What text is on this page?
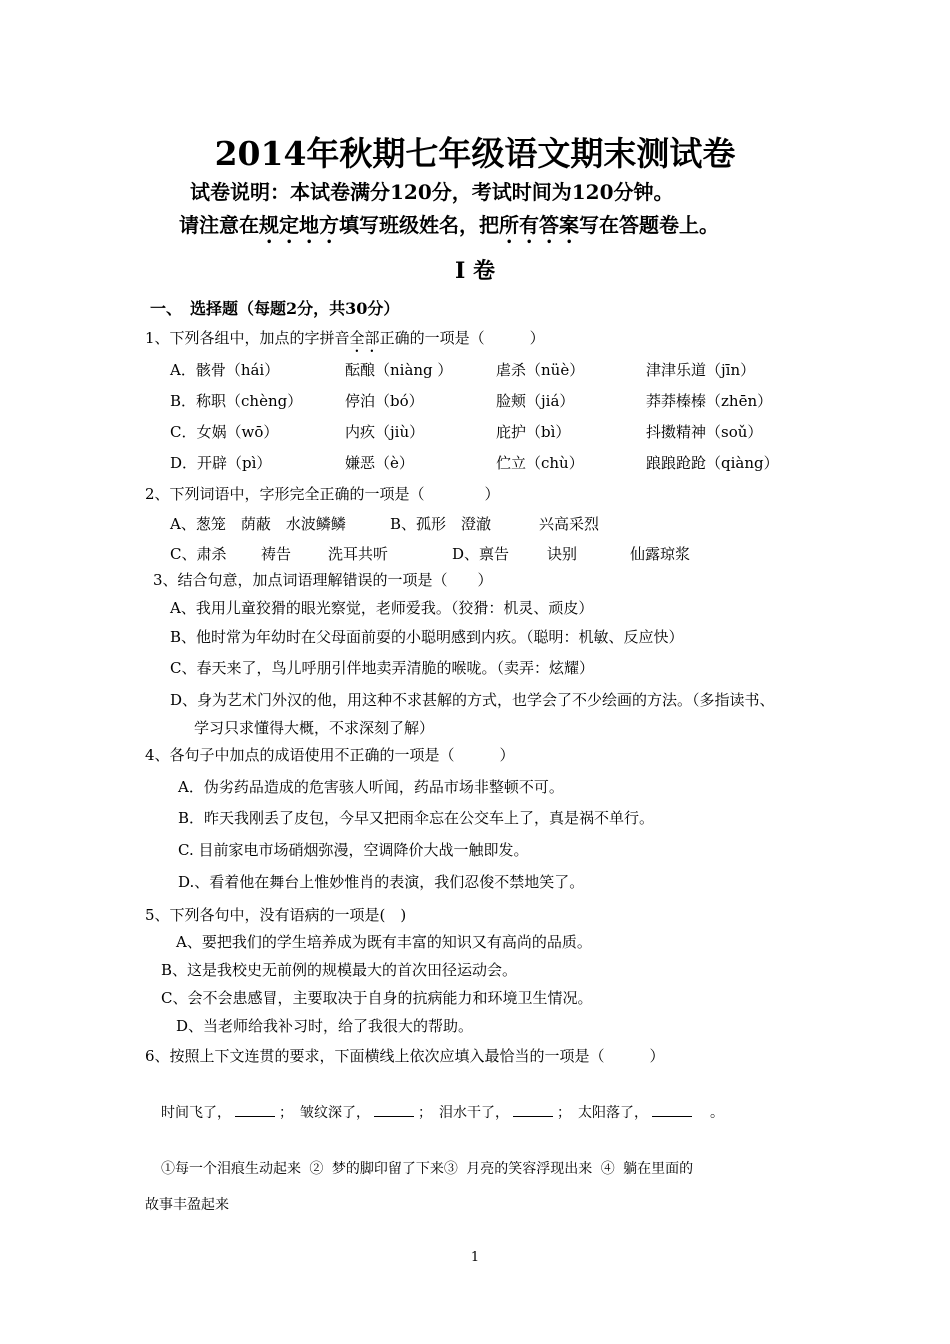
2014年秋期七年级语文期末测试卷
试卷说明：本试卷满分120分，考试时间为120分钟。
请注意在规定地方填写班级姓名，把所有答案写在答题卷上。
Ⅰ 卷
一、　选择题（每题2分，共30分）
1、下列各组中，加点的字拼音全部正确的一项是（　　　）
A．骸骨（hái）	酝酿（niàng ）	虐杀（nüè）	津津乐道（jīn）
B．称职（chèng）	停泊（bó）	脸颊（jiá）	莽莽榛榛（zhēn）
C．女娲（wō）	内疚（jiù）	庇护（bì）	抖擞精神（soǔ）
D．开辟（pì）	嫌恶（è）	伫立（chù）	踉踉跄跄（qiàng）
2、下列词语中，字形完全正确的一项是（　　　　）
A、葱笼　荫蔽　水波鳞鳞	B、孤形　澄澈	兴高采烈
C、肃杀 祷告 洗耳共听	D、禀告	诀别	仙露琼浆
3、结合句意，加点词语理解错误的一项是（　　）
A、我用儿童狡猾的眼光察觉，老师爱我。（狡猾：机灵、顽皮）
B、他时常为年幼时在父母面前耍的小聪明感到内疚。（聪明：机敏、反应快）
C、春天来了，鸟儿呼朋引伴地卖弄清脆的喉咙。（卖弄：炫耀）
D、身为艺术门外汉的他，用这种不求甚解的方式，也学会了不少绘画的方法。（多指读书、
学习只求懂得大概，不求深刻了解）
4、各句子中加点的成语使用不正确的一项是（　　　）
A．伪劣药品造成的危害骇人听闻，药品市场非整顿不可。
B．昨天我刚丢了皮包，今早又把雨伞忘在公交车上了，真是祸不单行。
C. 目前家电市场硝烟弥漫，空调降价大战一触即发。
D.、看着他在舞台上惟妙惟肖的表演，我们忍俊不禁地笑了。
5、下列各句中，没有语病的一项是(　)
A、要把我们的学生培养成为既有丰富的知识又有高尚的品质。
B、这是我校史无前例的规模最大的首次田径运动会。
C、会不会患感冒，主要取决于自身的抗病能力和环境卫生情况。
D、当老师给我补习时，给了我很大的帮助。
6、按照上下文连贯的要求，下面横线上依次应填入最恰当的一项是（　　　）
时间飞了，	；　皱纹深了，	；　泪水干了，	；　太阳落了，	　。
①每一个泪痕生动起来 ② 梦的脚印留了下来③ 月亮的笑容浮现出来 ④ 躺在里面的
故事丰盈起来
1
